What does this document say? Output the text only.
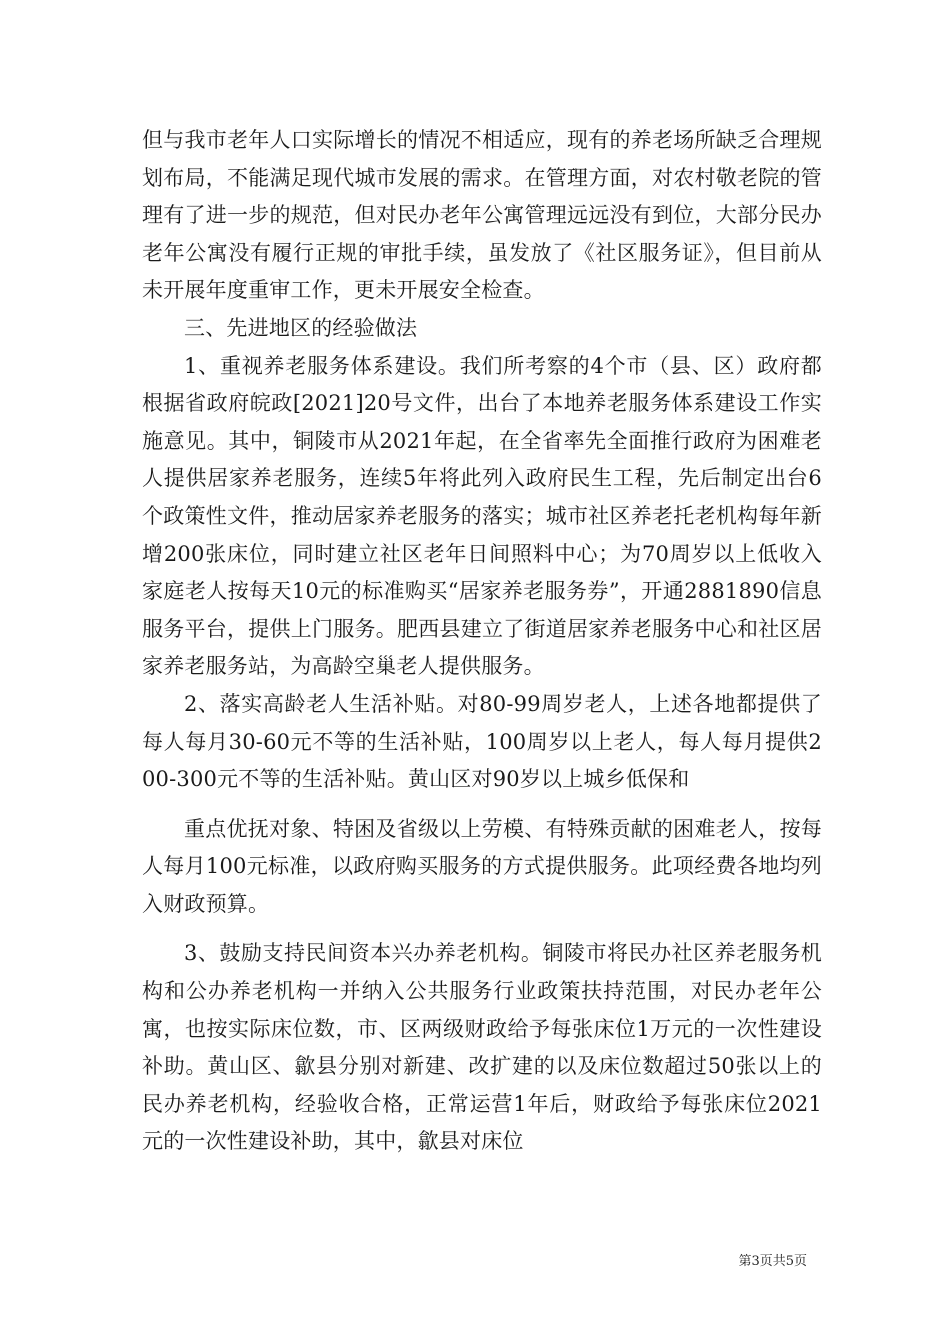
但与我市老年人口实际增长的情况不相适应，现有的养老场所缺乏合理规划布局，不能满足现代城市发展的需求。在管理方面，对农村敬老院的管理有了进一步的规范，但对民办老年公寓管理远远没有到位，大部分民办老年公寓没有履行正规的审批手续，虽发放了《社区服务证》，但目前从未开展年度重审工作，更未开展安全检查。

三、先进地区的经验做法

1、重视养老服务体系建设。我们所考察的4个市（县、区）政府都根据省政府皖政[2021]20号文件，出台了本地养老服务体系建设工作实施意见。其中，铜陵市从2021年起，在全省率先全面推行政府为困难老人提供居家养老服务，连续5年将此列入政府民生工程，先后制定出台6个政策性文件，推动居家养老服务的落实；城市社区养老托老机构每年新增200张床位，同时建立社区老年日间照料中心；为70周岁以上低收入家庭老人按每天10元的标准购买“居家养老服务券”，开通2881890信息服务平台，提供上门服务。肥西县建立了街道居家养老服务中心和社区居家养老服务站，为高龄空巢老人提供服务。

2、落实高龄老人生活补贴。对80-99周岁老人，上述各地都提供了每人每月30-60元不等的生活补贴，100周岁以上老人，每人每月提供200-300元不等的生活补贴。黄山区对90岁以上城乡低保和

重点优抚对象、特困及省级以上劳模、有特殊贡献的困难老人，按每人每月100元标准，以政府购买服务的方式提供服务。此项经费各地均列入财政预算。

3、鼓励支持民间资本兴办养老机构。铜陵市将民办社区养老服务机构和公办养老机构一并纳入公共服务行业政策扶持范围，对民办老年公寓，也按实际床位数，市、区两级财政给予每张床位1万元的一次性建设补助。黄山区、歙县分别对新建、改扩建的以及床位数超过50张以上的民办养老机构，经验收合格，正常运营1年后，财政给予每张床位2021元的一次性建设补助，其中，歙县对床位

第3页共5页
